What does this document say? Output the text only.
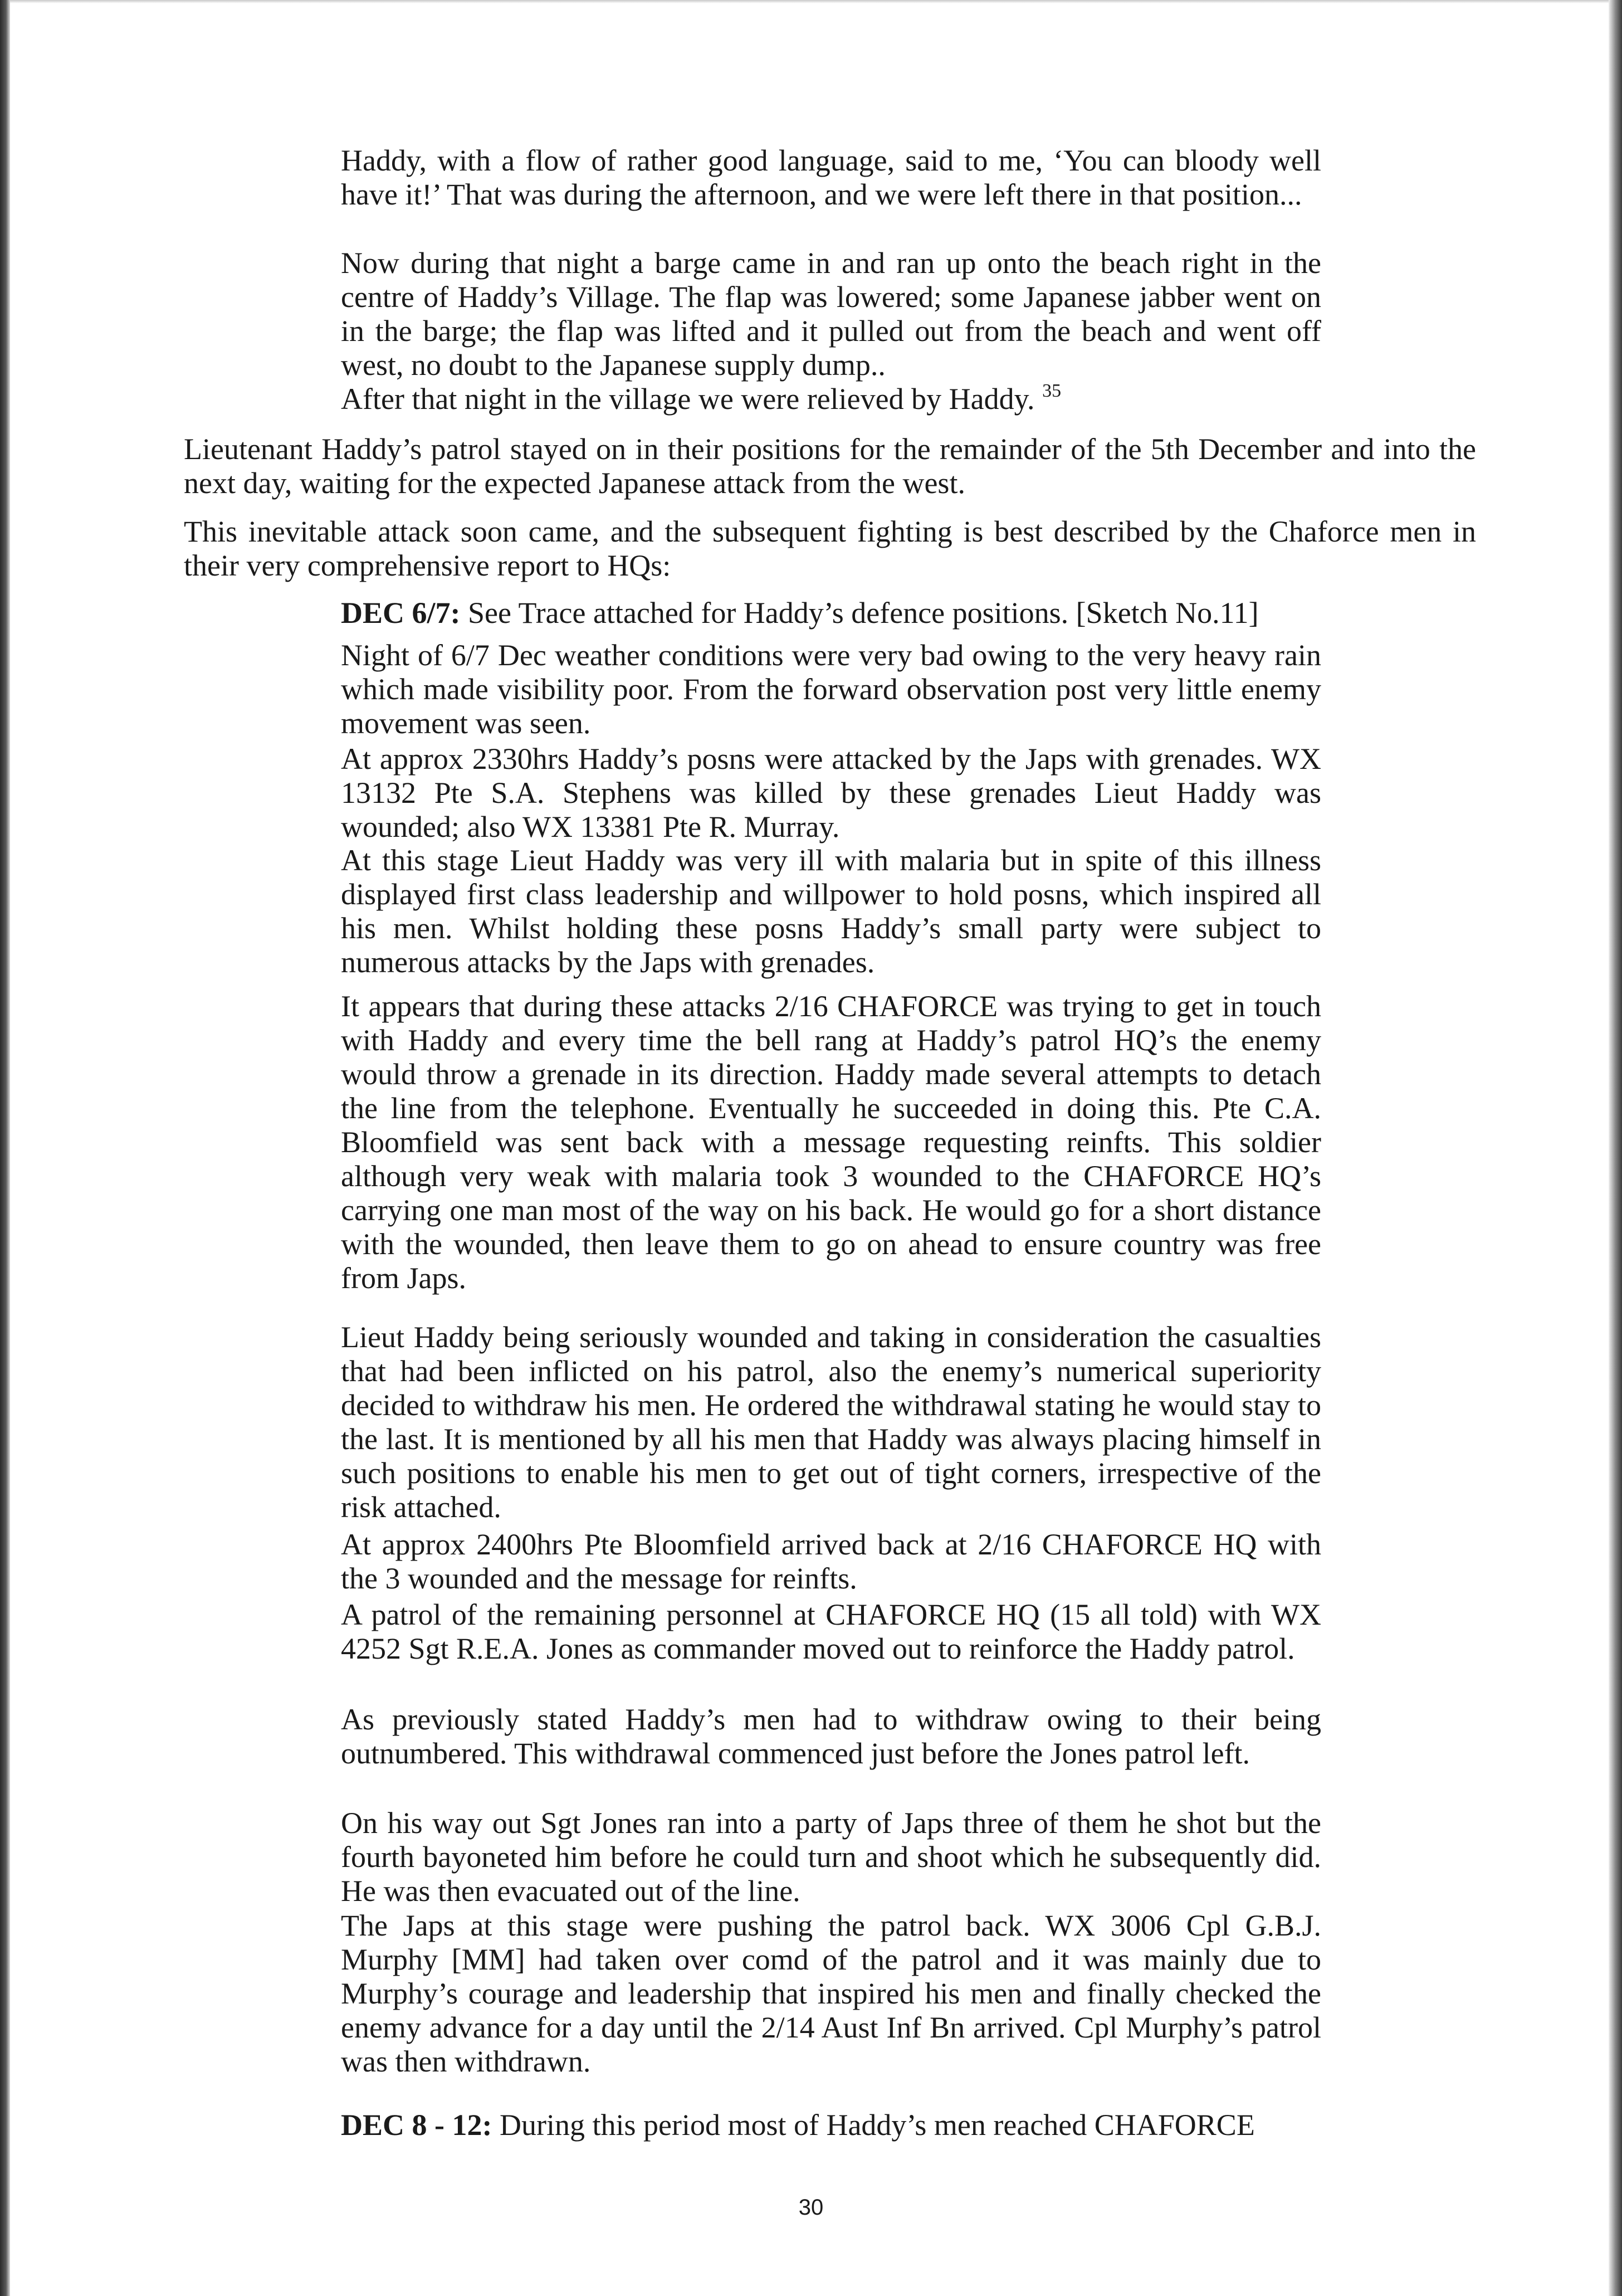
Haddy, with a flow of rather good language, said to me, ‘You can bloody well have it!’ That was during the afternoon, and we were left there in that position...

Now during that night a barge came in and ran up onto the beach right in the centre of Haddy’s Village. The flap was lowered; some Japanese jabber went on in the barge; the flap was lifted and it pulled out from the beach and went off west, no doubt to the Japanese supply dump..

After that night in the village we were relieved by Haddy. $^{35}$

Lieutenant Haddy’s patrol stayed on in their positions for the remainder of the 5th December and into the next day, waiting for the expected Japanese attack from the west.

This inevitable attack soon came, and the subsequent fighting is best described by the Chaforce men in their very comprehensive report to HQs:

DEC 6/7: See Trace attached for Haddy’s defence positions. [Sketch No.11]

Night of 6/7 Dec weather conditions were very bad owing to the very heavy rain which made visibility poor. From the forward observation post very little enemy movement was seen.

At approx 2330hrs Haddy’s posns were attacked by the Japs with grenades. WX 13132 Pte S.A. Stephens was killed by these grenades Lieut Haddy was wounded; also WX 13381 Pte R. Murray.

At this stage Lieut Haddy was very ill with malaria but in spite of this illness displayed first class leadership and willpower to hold posns, which inspired all his men. Whilst holding these posns Haddy’s small party were subject to numerous attacks by the Japs with grenades.

It appears that during these attacks 2/16 CHAFORCE was trying to get in touch with Haddy and every time the bell rang at Haddy’s patrol HQ’s the enemy would throw a grenade in its direction. Haddy made several attempts to detach the line from the telephone. Eventually he succeeded in doing this. Pte C.A. Bloomfield was sent back with a message requesting reinfts. This soldier although very weak with malaria took 3 wounded to the CHAFORCE HQ’s carrying one man most of the way on his back. He would go for a short distance with the wounded, then leave them to go on ahead to ensure country was free from Japs.

Lieut Haddy being seriously wounded and taking in consideration the casualties that had been inflicted on his patrol, also the enemy’s numerical superiority decided to withdraw his men. He ordered the withdrawal stating he would stay to the last. It is mentioned by all his men that Haddy was always placing himself in such positions to enable his men to get out of tight corners, irrespective of the risk attached.

At approx 2400hrs Pte Bloomfield arrived back at 2/16 CHAFORCE HQ with the 3 wounded and the message for reinfts.

A patrol of the remaining personnel at CHAFORCE HQ (15 all told) with WX 4252 Sgt R.E.A. Jones as commander moved out to reinforce the Haddy patrol.

As previously stated Haddy’s men had to withdraw owing to their being outnumbered. This withdrawal commenced just before the Jones patrol left.

On his way out Sgt Jones ran into a party of Japs three of them he shot but the fourth bayoneted him before he could turn and shoot which he subsequently did. He was then evacuated out of the line.

The Japs at this stage were pushing the patrol back. WX 3006 Cpl G.B.J. Murphy [MM] had taken over comd of the patrol and it was mainly due to Murphy’s courage and leadership that inspired his men and finally checked the enemy advance for a day until the 2/14 Aust Inf Bn arrived. Cpl Murphy’s patrol was then withdrawn.

DEC 8 - 12: During this period most of Haddy’s men reached CHAFORCE

30
